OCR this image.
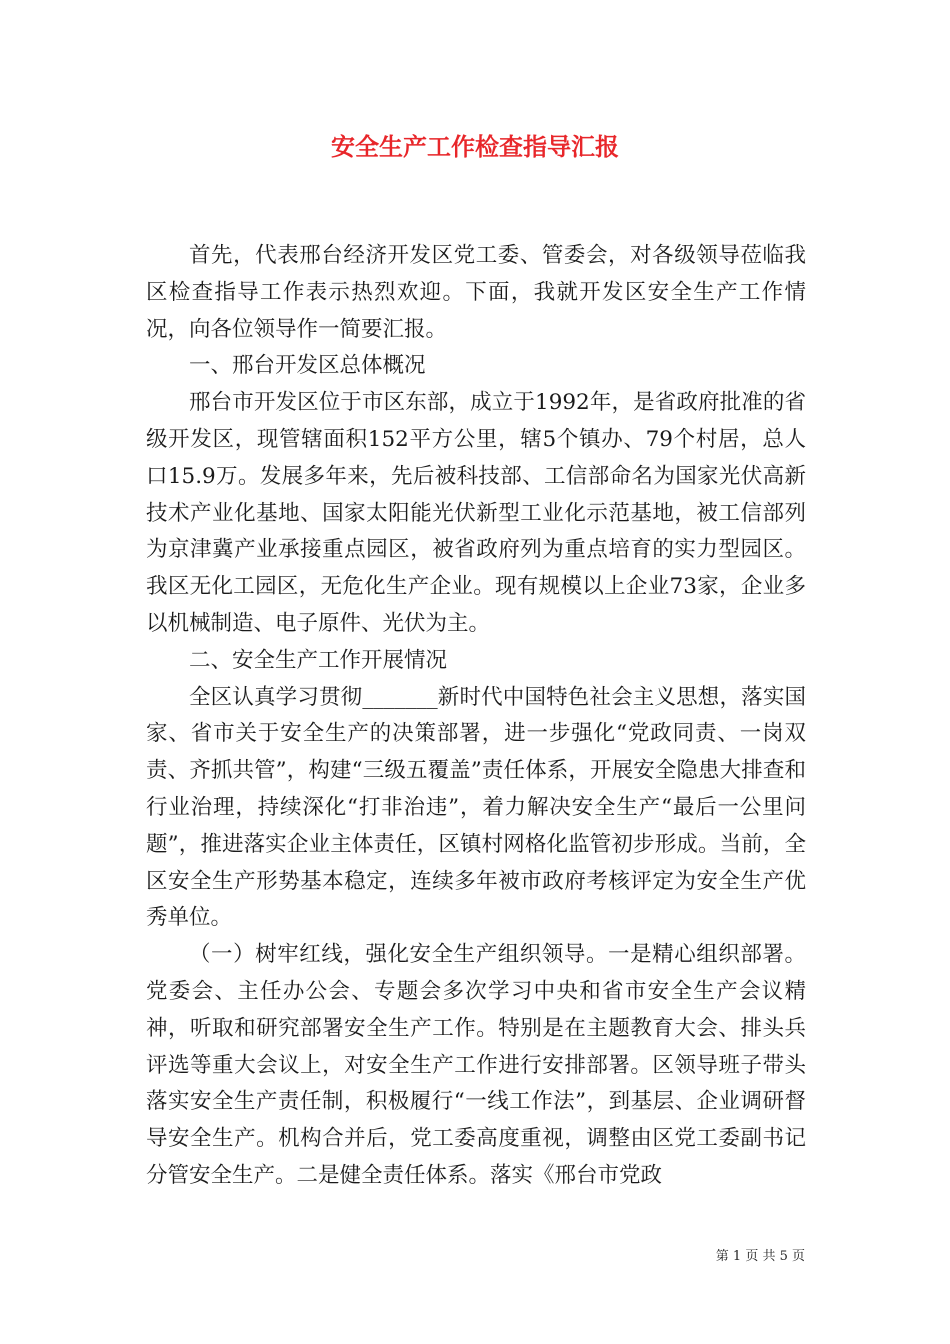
安全生产工作检查指导汇报

首先，代表邢台经济开发区党工委、管委会，对各级领导莅临我区检查指导工作表示热烈欢迎。下面，我就开发区安全生产工作情况，向各位领导作一简要汇报。

一、邢台开发区总体概况

邢台市开发区位于市区东部，成立于1992年，是省政府批准的省级开发区，现管辖面积152平方公里，辖5个镇办、79个村居，总人口15.9万。发展多年来，先后被科技部、工信部命名为国家光伏高新技术产业化基地、国家太阳能光伏新型工业化示范基地，被工信部列为京津冀产业承接重点园区，被省政府列为重点培育的实力型园区。我区无化工园区，无危化生产企业。现有规模以上企业73家，企业多以机械制造、电子原件、光伏为主。

二、安全生产工作开展情况

全区认真学习贯彻_______新时代中国特色社会主义思想，落实国家、省市关于安全生产的决策部署，进一步强化“党政同责、一岗双责、齐抓共管”，构建“三级五覆盖”责任体系，开展安全隐患大排查和行业治理，持续深化“打非治违”，着力解决安全生产“最后一公里问题”，推进落实企业主体责任，区镇村网格化监管初步形成。当前，全区安全生产形势基本稳定，连续多年被市政府考核评定为安全生产优秀单位。

（一）树牢红线，强化安全生产组织领导。一是精心组织部署。党委会、主任办公会、专题会多次学习中央和省市安全生产会议精神，听取和研究部署安全生产工作。特别是在主题教育大会、排头兵评选等重大会议上，对安全生产工作进行安排部署。区领导班子带头落实安全生产责任制，积极履行“一线工作法”，到基层、企业调研督导安全生产。机构合并后，党工委高度重视，调整由区党工委副书记分管安全生产。二是健全责任体系。落实《邢台市党政

第 1 页 共 5 页
